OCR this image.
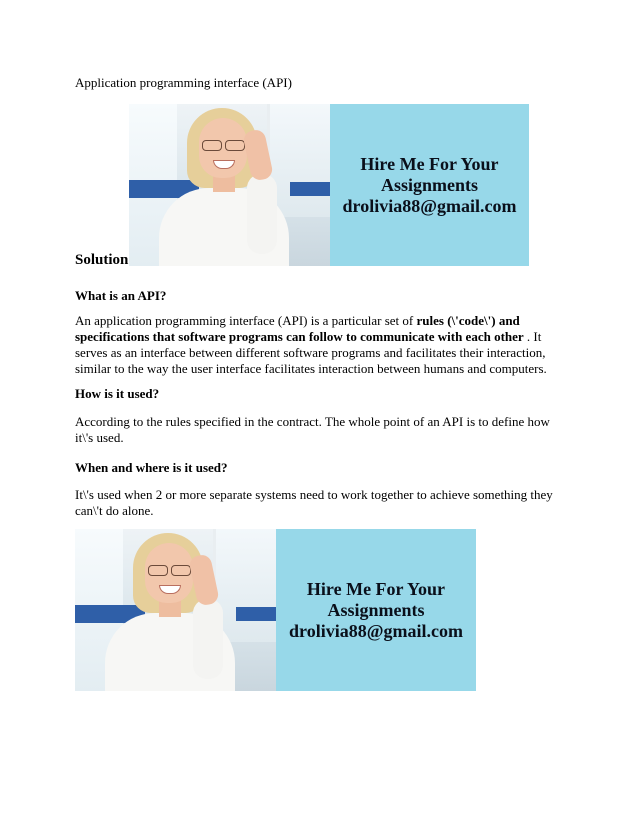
Application programming interface (API)
Hire Me For Your
Assignments
drolivia88@gmail.com
Solution
What is an API?
An application programming interface (API) is a particular set of rules (\'code\') and specifications that software programs can follow to communicate with each other . It serves as an interface between different software programs and facilitates their interaction, similar to the way the user interface facilitates interaction between humans and computers.
How is it used?
According to the rules specified in the contract. The whole point of an API is to define how it\'s used.
When and where is it used?
It\'s used when 2 or more separate systems need to work together to achieve something they can\'t do alone.
Hire Me For Your
Assignments
drolivia88@gmail.com
